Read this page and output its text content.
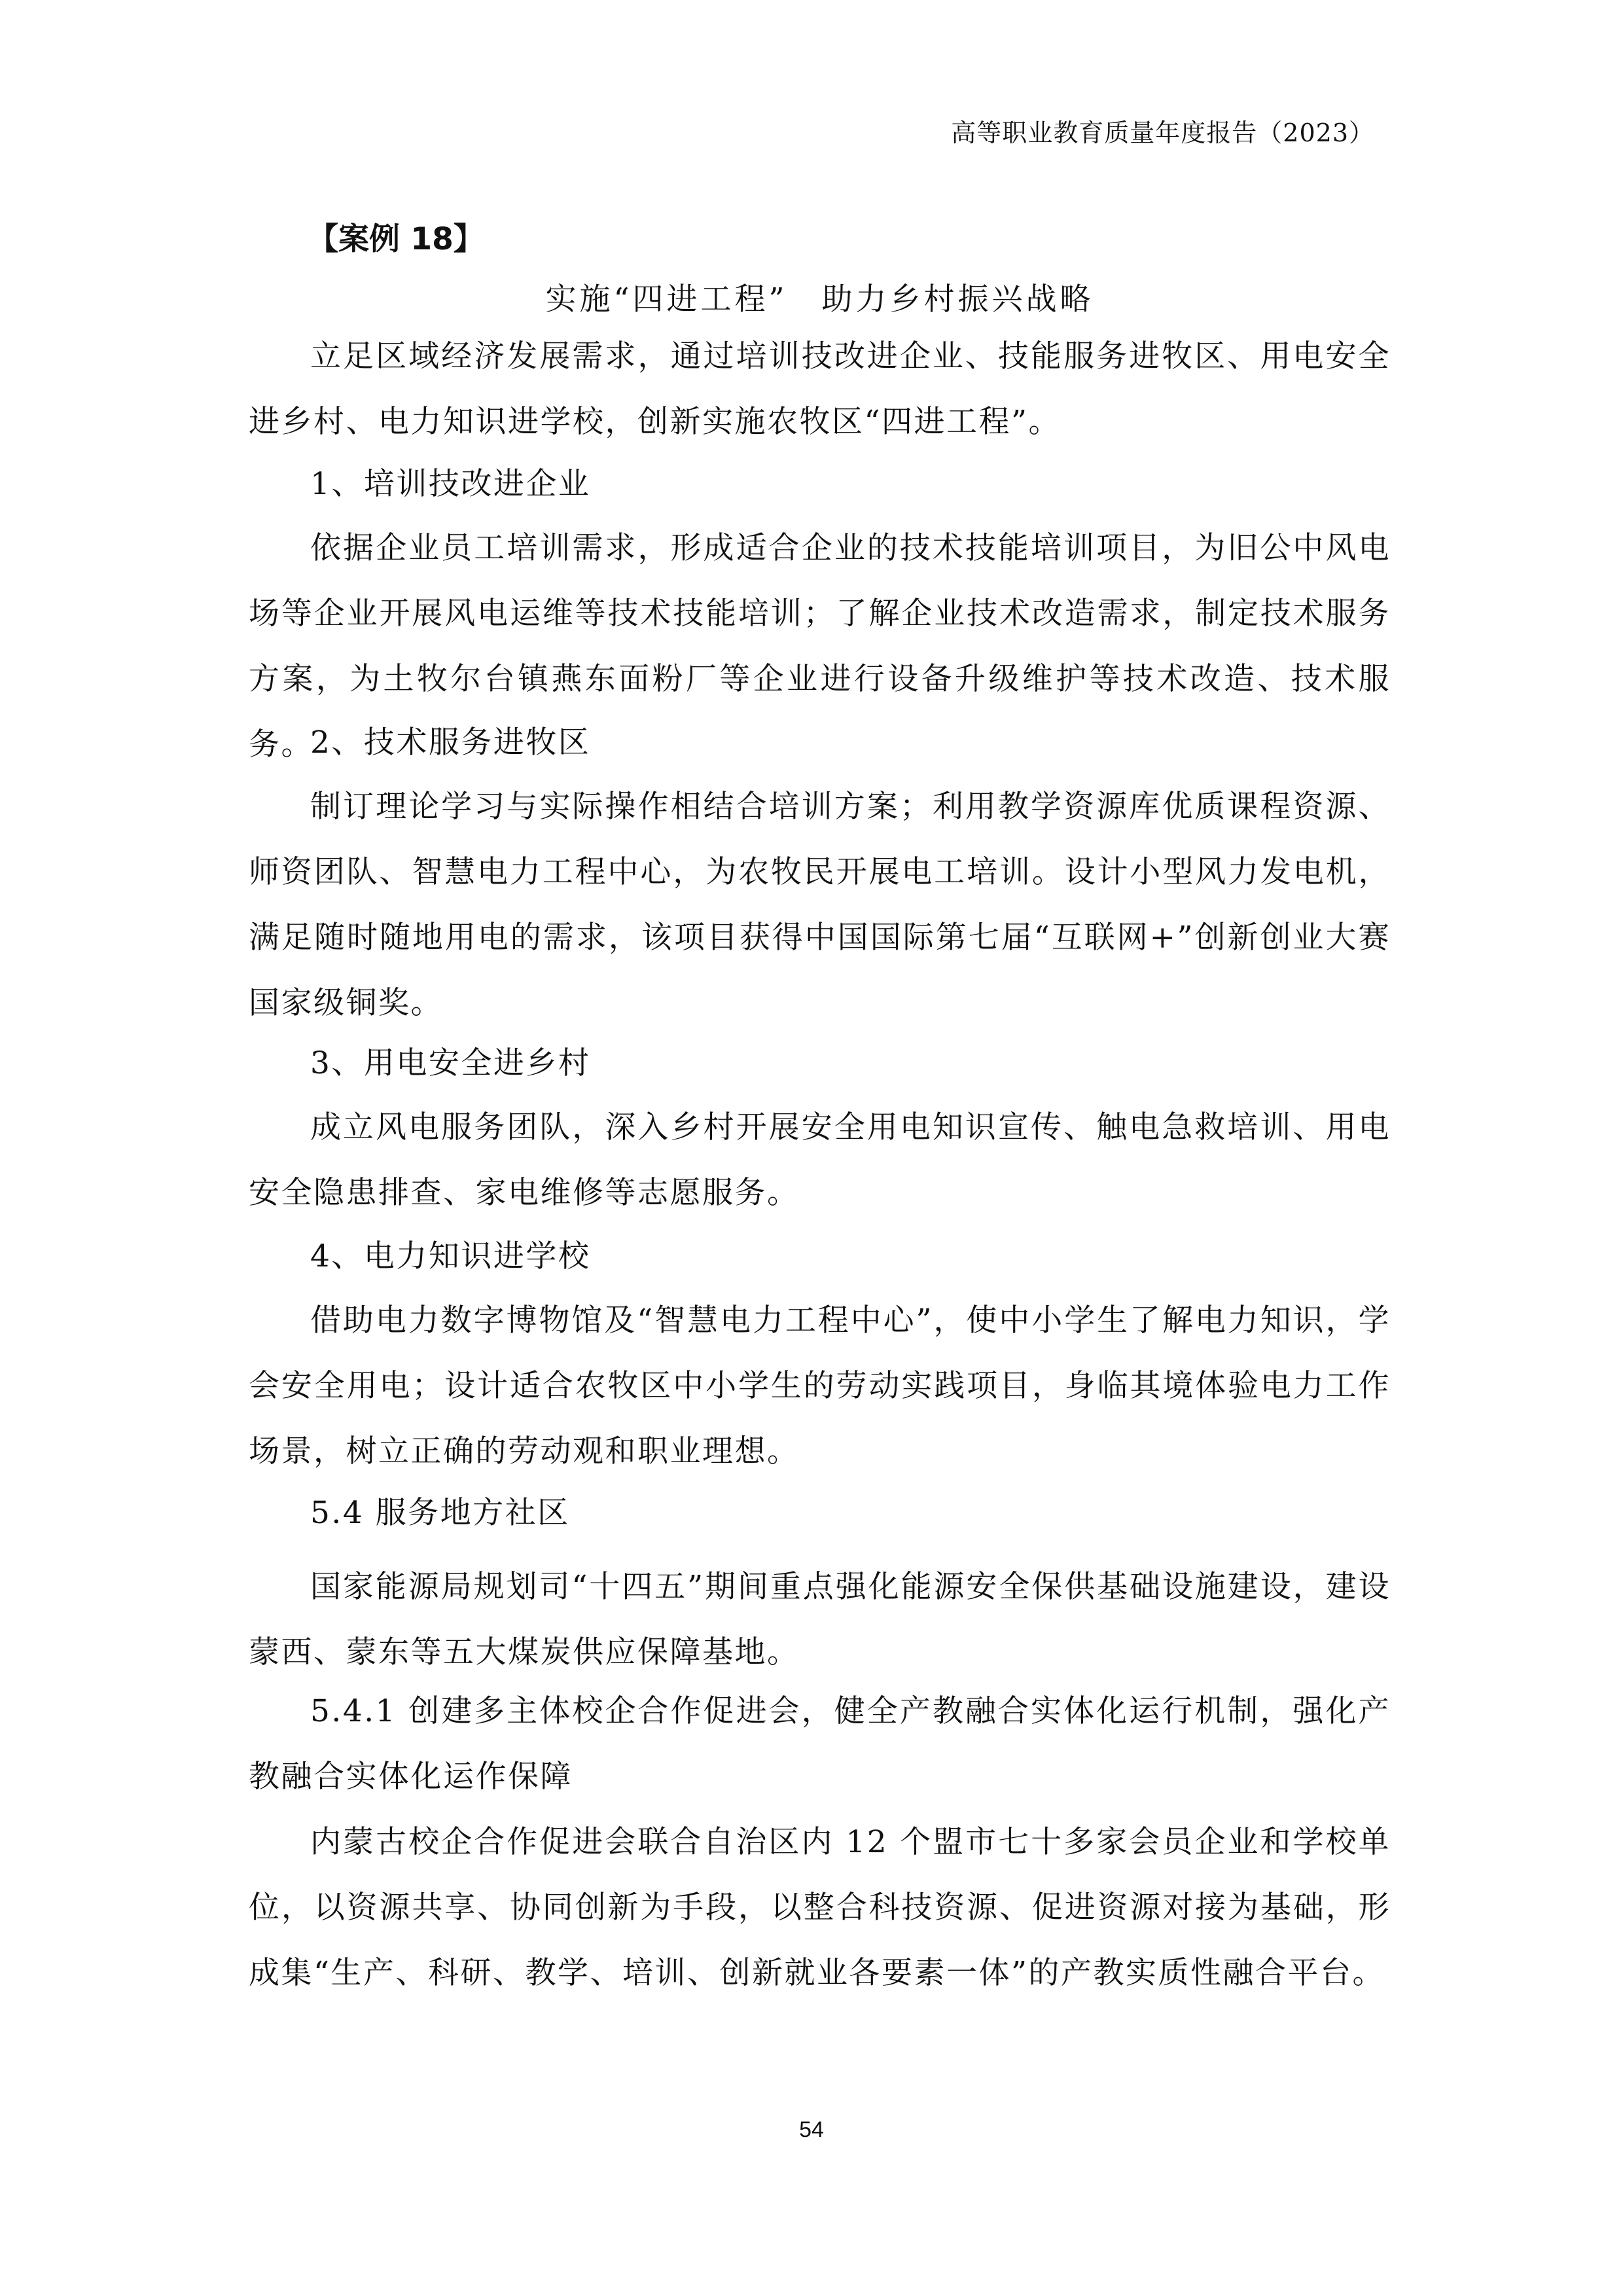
高等职业教育质量年度报告（2023）
【案例 18】
实施“四进工程”　助力乡村振兴战略

立足区域经济发展需求，通过培训技改进企业、技能服务进牧区、用电安全进乡村、电力知识进学校，创新实施农牧区“四进工程”。

1、培训技改进企业

依据企业员工培训需求，形成适合企业的技术技能培训项目，为旧公中风电场等企业开展风电运维等技术技能培训；了解企业技术改造需求，制定技术服务方案，为土牧尔台镇燕东面粉厂等企业进行设备升级维护等技术改造、技术服务。

2、技术服务进牧区

制订理论学习与实际操作相结合培训方案；利用教学资源库优质课程资源、师资团队、智慧电力工程中心，为农牧民开展电工培训。设计小型风力发电机，满足随时随地用电的需求，该项目获得中国国际第七届“互联网+”创新创业大赛国家级铜奖。

3、用电安全进乡村

成立风电服务团队，深入乡村开展安全用电知识宣传、触电急救培训、用电安全隐患排查、家电维修等志愿服务。

4、电力知识进学校

借助电力数字博物馆及“智慧电力工程中心”，使中小学生了解电力知识，学会安全用电；设计适合农牧区中小学生的劳动实践项目，身临其境体验电力工作场景，树立正确的劳动观和职业理想。

5.4 服务地方社区

国家能源局规划司“十四五”期间重点强化能源安全保供基础设施建设，建设蒙西、蒙东等五大煤炭供应保障基地。

5.4.1 创建多主体校企合作促进会，健全产教融合实体化运行机制，强化产教融合实体化运作保障

内蒙古校企合作促进会联合自治区内 12 个盟市七十多家会员企业和学校单位，以资源共享、协同创新为手段，以整合科技资源、促进资源对接为基础，形成集“生产、科研、教学、培训、创新就业各要素一体”的产教实质性融合平台。

54
